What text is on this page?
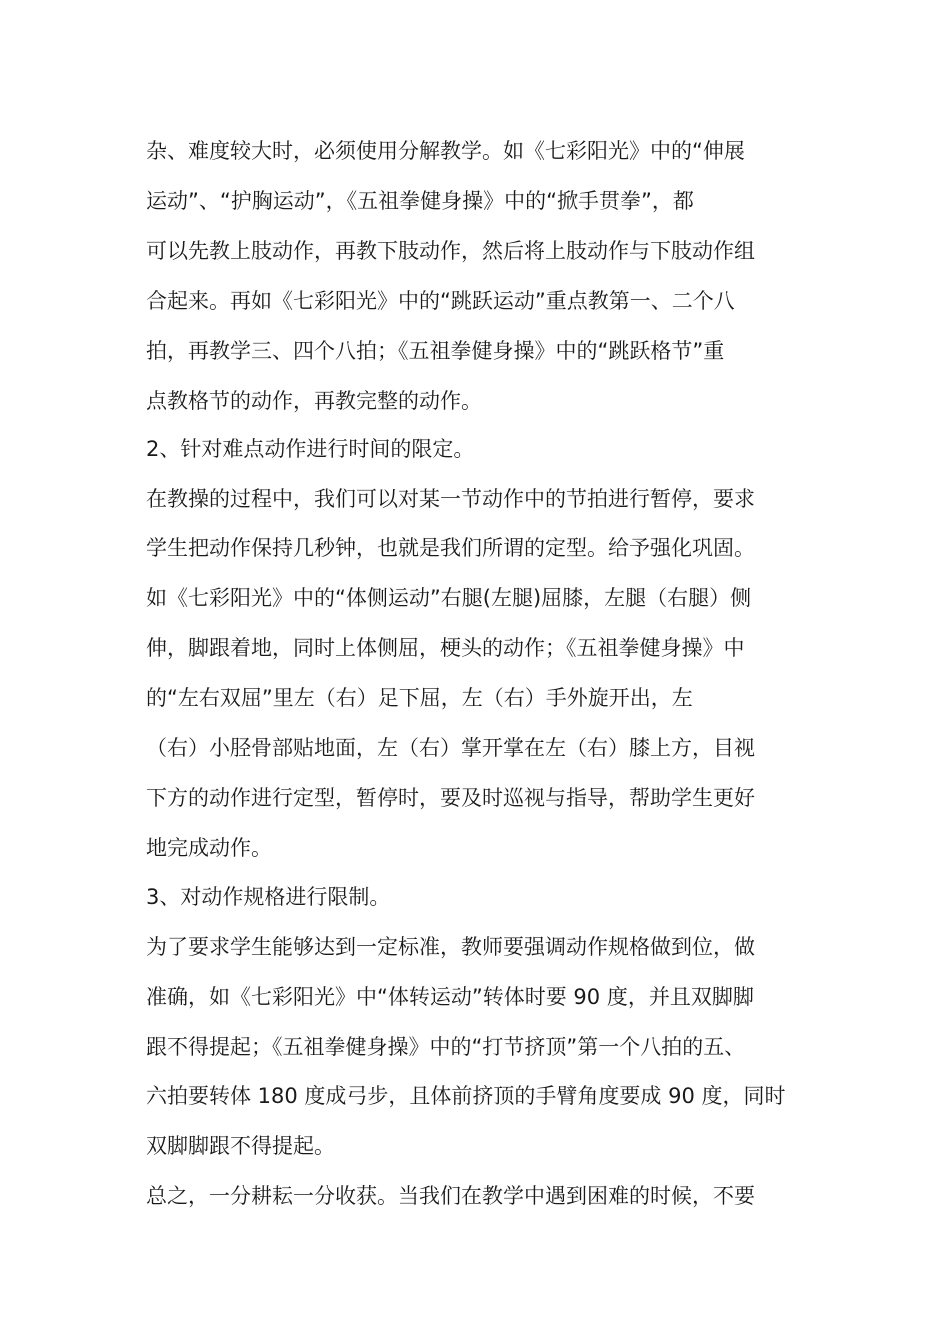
杂、难度较大时，必须使用分解教学。如《七彩阳光》中的“伸展
运动”、“护胸运动”，《五祖拳健身操》中的“掀手贯拳”，都
可以先教上肢动作，再教下肢动作，然后将上肢动作与下肢动作组
合起来。再如《七彩阳光》中的“跳跃运动”重点教第一、二个八
拍，再教学三、四个八拍；《五祖拳健身操》中的“跳跃格节”重
点教格节的动作，再教完整的动作。
2、针对难点动作进行时间的限定。
在教操的过程中，我们可以对某一节动作中的节拍进行暂停，要求
学生把动作保持几秒钟，也就是我们所谓的定型。给予强化巩固。
如《七彩阳光》中的“体侧运动”右腿(左腿)屈膝，左腿（右腿）侧
伸，脚跟着地，同时上体侧屈，梗头的动作；《五祖拳健身操》中
的“左右双屈”里左（右）足下屈，左（右）手外旋开出，左
（右）小胫骨部贴地面，左（右）掌开掌在左（右）膝上方，目视
下方的动作进行定型，暂停时，要及时巡视与指导，帮助学生更好
地完成动作。
3、对动作规格进行限制。
为了要求学生能够达到一定标准，教师要强调动作规格做到位，做
准确，如《七彩阳光》中“体转运动”转体时要 90 度，并且双脚脚
跟不得提起；《五祖拳健身操》中的“打节挤顶”第一个八拍的五、
六拍要转体 180 度成弓步，且体前挤顶的手臂角度要成 90 度，同时
双脚脚跟不得提起。
总之，一分耕耘一分收获。当我们在教学中遇到困难的时候，不要
